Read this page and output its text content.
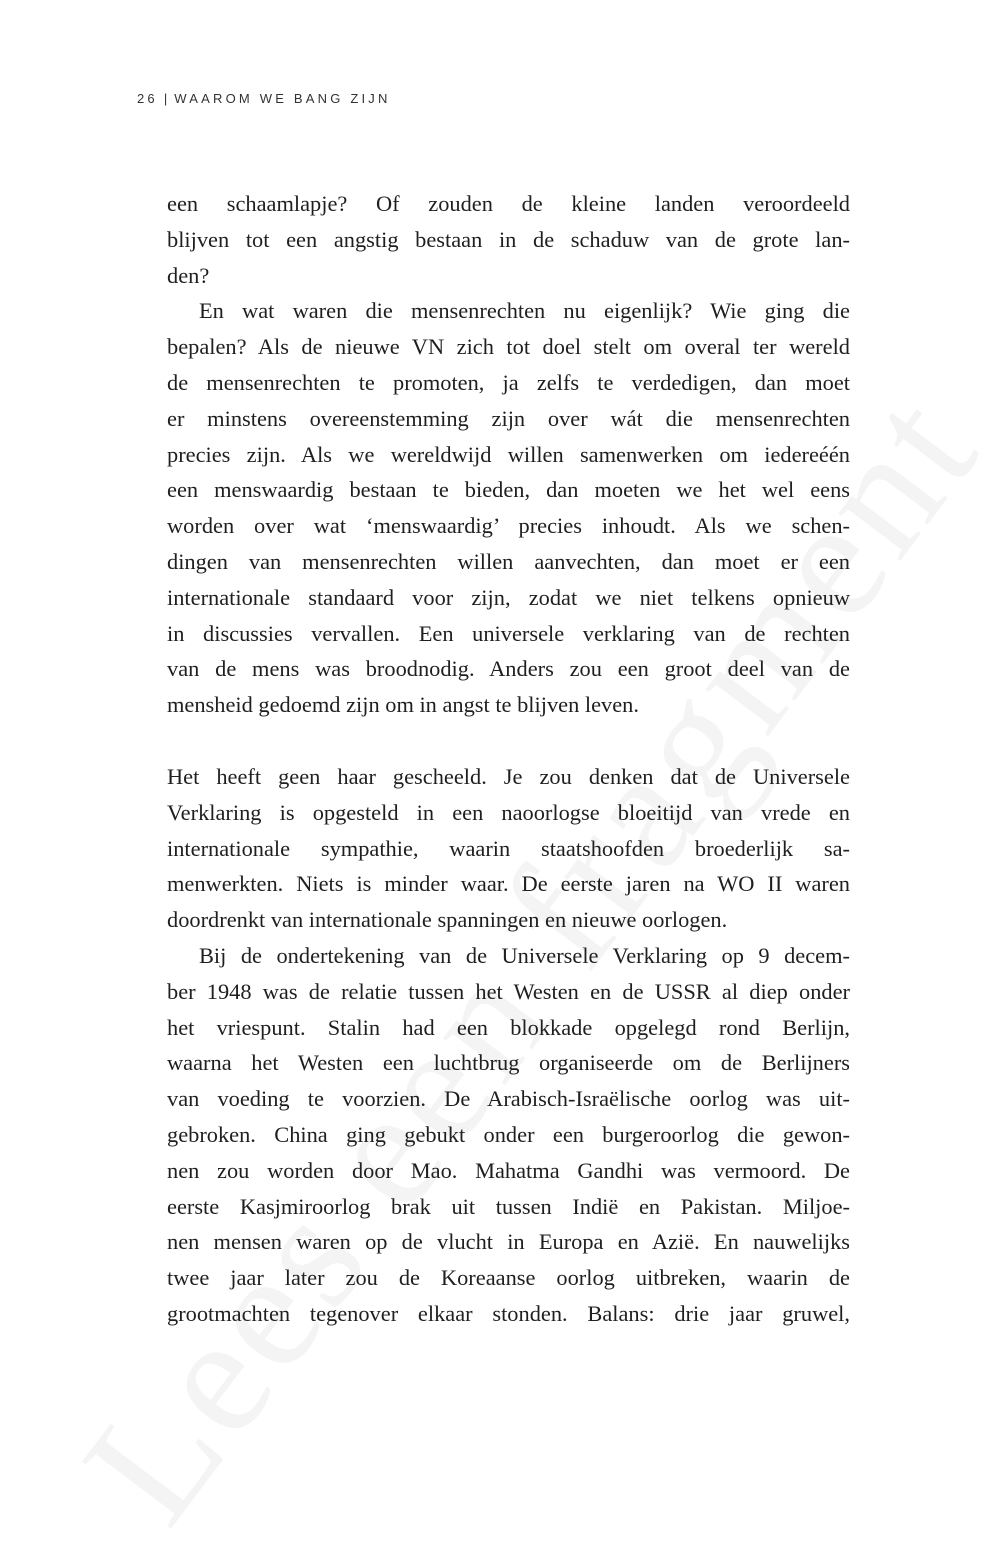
26 | WAAROM WE BANG ZIJN
een schaamlapje? Of zouden de kleine landen veroordeeld
blijven tot een angstig bestaan in de schaduw van de grote lan-
den?
En wat waren die mensenrechten nu eigenlijk? Wie ging die
bepalen? Als de nieuwe VN zich tot doel stelt om overal ter wereld
de mensenrechten te promoten, ja zelfs te verdedigen, dan moet
er minstens overeenstemming zijn over wát die mensenrechten
precies zijn. Als we wereldwijd willen samenwerken om iedereéén
een menswaardig bestaan te bieden, dan moeten we het wel eens
worden over wat ‘menswaardig’ precies inhoudt. Als we schen-
dingen van mensenrechten willen aanvechten, dan moet er een
internationale standaard voor zijn, zodat we niet telkens opnieuw
in discussies vervallen. Een universele verklaring van de rechten
van de mens was broodnodig. Anders zou een groot deel van de
mensheid gedoemd zijn om in angst te blijven leven.
Het heeft geen haar gescheeld. Je zou denken dat de Universele
Verklaring is opgesteld in een naoorlogse bloeitijd van vrede en
internationale sympathie, waarin staatshoofden broederlijk sa-
menwerkten. Niets is minder waar. De eerste jaren na WO II waren
doordrenkt van internationale spanningen en nieuwe oorlogen.
Bij de ondertekening van de Universele Verklaring op 9 decem-
ber 1948 was de relatie tussen het Westen en de USSR al diep onder
het vriespunt. Stalin had een blokkade opgelegd rond Berlijn,
waarna het Westen een luchtbrug organiseerde om de Berlijners
van voeding te voorzien. De Arabisch-Israëlische oorlog was uit-
gebroken. China ging gebukt onder een burgeroorlog die gewon-
nen zou worden door Mao. Mahatma Gandhi was vermoord. De
eerste Kasjmiroorlog brak uit tussen Indië en Pakistan. Miljoe-
nen mensen waren op de vlucht in Europa en Azië. En nauwelijks
twee jaar later zou de Koreaanse oorlog uitbreken, waarin de
grootmachten tegenover elkaar stonden. Balans: drie jaar gruwel,
